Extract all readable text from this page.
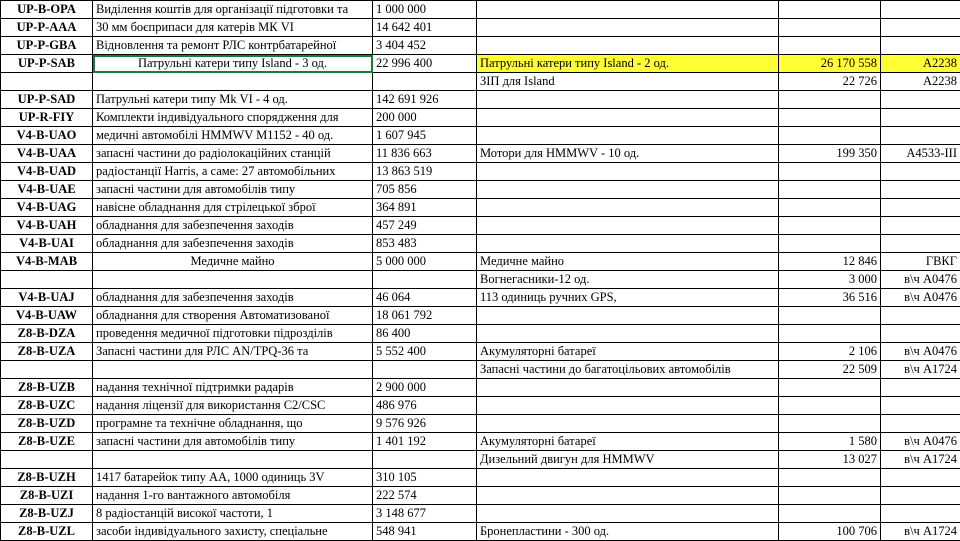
UP-B-OPA	Виділення коштів для організації підготовки та	1 000 000			
UP-P-AAA	30 мм боєприпаси для катерів МК VI	14 642 401			
UP-P-GBA	Відновлення та ремонт РЛС контрбатарейної	3 404 452			
UP-P-SAB	Патрульні катери типу Island - 3 од.	22 996 400	Патрульні катери типу Island - 2 од.	26 170 558	А2238
			ЗІП для Island	22 726	А2238
UP-P-SAD	Патрульні катери типу Mk VI - 4 од.	142 691 926			
UP-R-FIY	Комплекти індивідуального спорядження для	200 000			
V4-B-UAO	медичні автомобілі HMMWV M1152 - 40 од.	1 607 945			
V4-B-UAA	запасні частини до радіолокаційних станцій	11 836 663	Мотори для HMMWV - 10 од.	199 350	А4533-ІІІ
V4-B-UAD	радіостанції Harris, а саме: 27 автомобільних	13 863 519			
V4-B-UAE	запасні частини для автомобілів типу	705 856			
V4-B-UAG	навісне обладнання для стрілецької зброї	364 891			
V4-B-UAH	обладнання для забезпечення заходів	457 249			
V4-B-UAI	обладнання для забезпечення заходів	853 483			
V4-B-MAB	Медичне майно	5 000 000	Медичне майно	12 846	ГВКГ
			Вогнегасники-12 од.	3 000	в\ч А0476
V4-B-UAJ	обладнання для забезпечення заходів	46 064	113 одиниць ручних GPS,	36 516	в\ч А0476
V4-B-UAW	обладнання для створення Автоматизованої	18 061 792			
Z8-B-DZA	проведення медичної підготовки підрозділів	86 400			
Z8-B-UZA	Запасні частини для РЛС AN/TPQ-36 та	5 552 400	Акумуляторні батареї	2 106	в\ч А0476
			Запасні частини до багатоцільових автомобілів	22 509	в\ч А1724
Z8-B-UZB	надання технічної підтримки радарів	2 900 000			
Z8-B-UZC	надання ліцензії для використання C2/CSC	486 976			
Z8-B-UZD	програмне та технічне обладнання, що	9 576 926			
Z8-B-UZE	запасні частини для автомобілів типу	1 401 192	Акумуляторні батареї	1 580	в\ч А0476
			Дизельний двигун для HMMWV	13 027	в\ч А1724
Z8-B-UZH	1417 батарейок типу АА, 1000 одиниць 3V	310 105			
Z8-B-UZI	надання 1-го вантажного автомобіля	222 574			
Z8-B-UZJ	8 радіостанцій високої частоти, 1	3 148 677			
Z8-B-UZL	засоби індивідуального захисту, спеціальне	548 941	Бронепластини - 300 од.	100 706	в\ч А1724
